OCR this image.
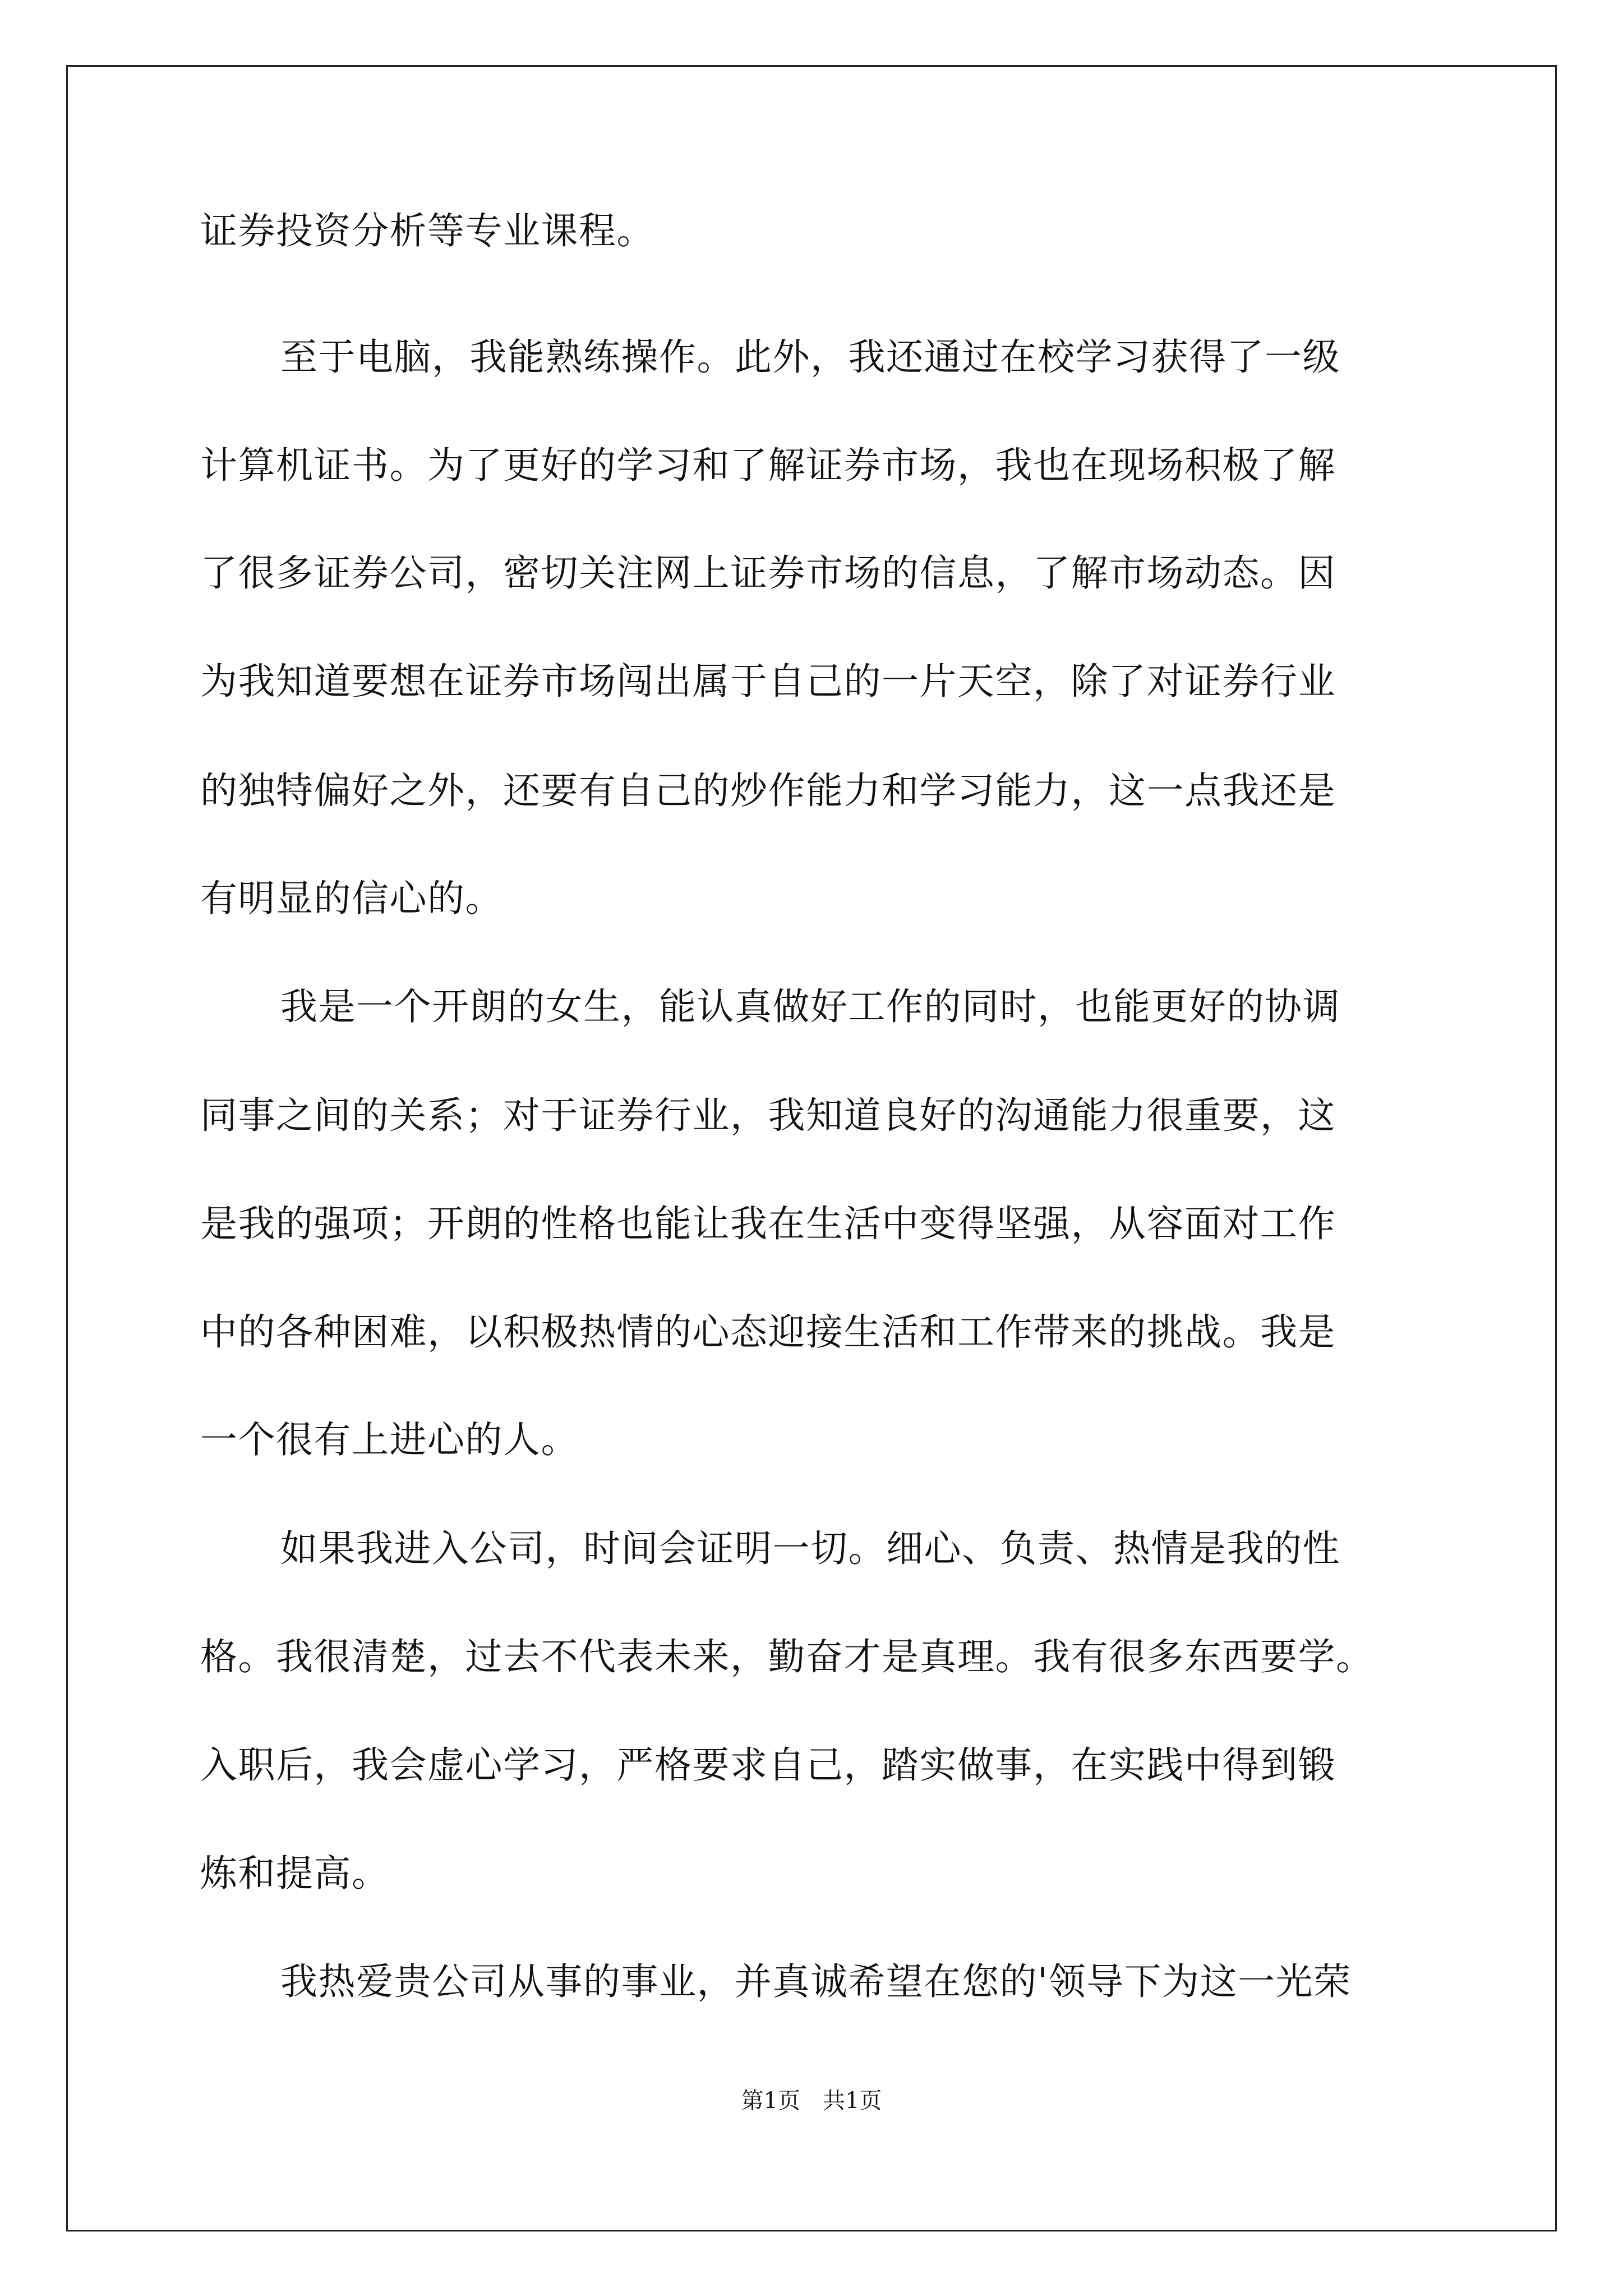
证券投资分析等专业课程。
至于电脑，我能熟练操作。此外，我还通过在校学习获得了一级
计算机证书。为了更好的学习和了解证券市场，我也在现场积极了解
了很多证券公司，密切关注网上证券市场的信息，了解市场动态。因
为我知道要想在证券市场闯出属于自己的一片天空，除了对证券行业
的独特偏好之外，还要有自己的炒作能力和学习能力，这一点我还是
有明显的信心的。
我是一个开朗的女生，能认真做好工作的同时，也能更好的协调
同事之间的关系；对于证券行业，我知道良好的沟通能力很重要，这
是我的强项；开朗的性格也能让我在生活中变得坚强，从容面对工作
中的各种困难，以积极热情的心态迎接生活和工作带来的挑战。我是
一个很有上进心的人。
如果我进入公司，时间会证明一切。细心、负责、热情是我的性
格。我很清楚，过去不代表未来，勤奋才是真理。我有很多东西要学。
入职后，我会虚心学习，严格要求自己，踏实做事，在实践中得到锻
炼和提高。
我热爱贵公司从事的事业，并真诚希望在您的'领导下为这一光荣
第1页　共1页
